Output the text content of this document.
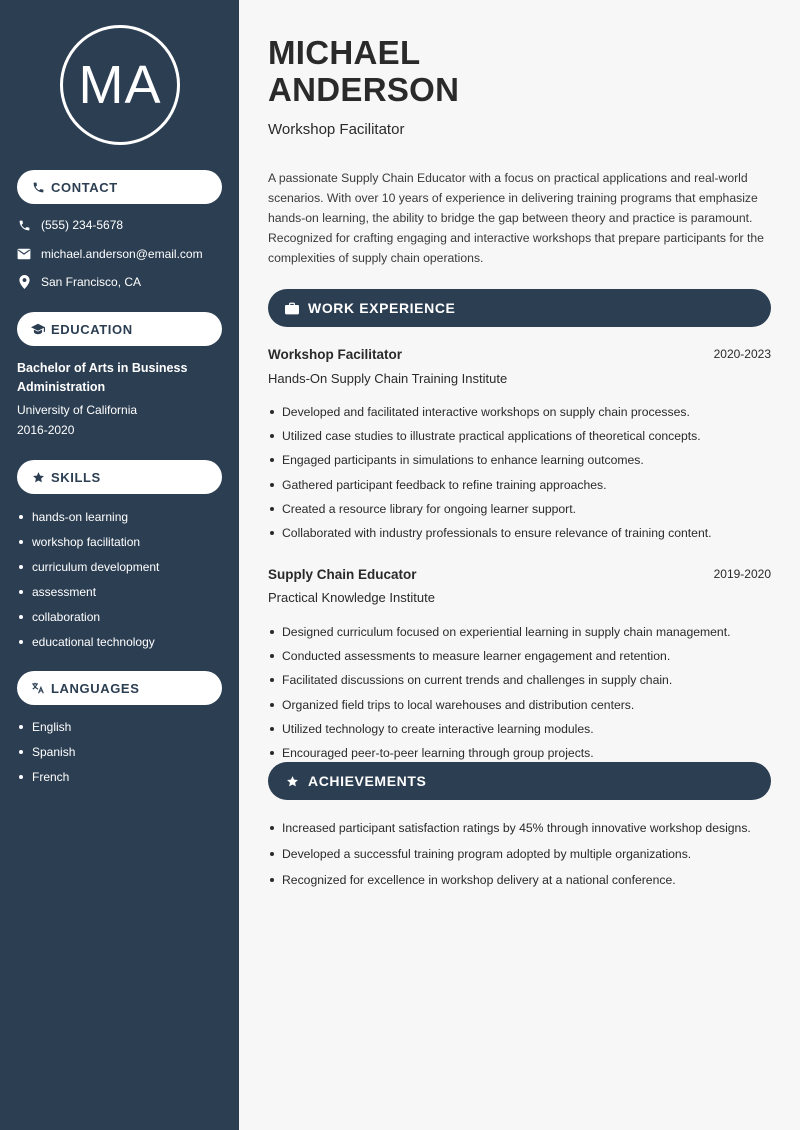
MA
CONTACT
(555) 234-5678
michael.anderson@email.com
San Francisco, CA
EDUCATION
Bachelor of Arts in Business Administration
University of California
2016-2020
SKILLS
hands-on learning
workshop facilitation
curriculum development
assessment
collaboration
educational technology
LANGUAGES
English
Spanish
French
MICHAEL
ANDERSON
Workshop Facilitator

A passionate Supply Chain Educator with a focus on practical applications and real-world scenarios. With over 10 years of experience in delivering training programs that emphasize hands-on learning, the ability to bridge the gap between theory and practice is paramount. Recognized for crafting engaging and interactive workshops that prepare participants for the complexities of supply chain operations.

WORK EXPERIENCE
Workshop Facilitator	2020-2023
Hands-On Supply Chain Training Institute
Developed and facilitated interactive workshops on supply chain processes.
Utilized case studies to illustrate practical applications of theoretical concepts.
Engaged participants in simulations to enhance learning outcomes.
Gathered participant feedback to refine training approaches.
Created a resource library for ongoing learner support.
Collaborated with industry professionals to ensure relevance of training content.
Supply Chain Educator	2019-2020
Practical Knowledge Institute
Designed curriculum focused on experiential learning in supply chain management.
Conducted assessments to measure learner engagement and retention.
Facilitated discussions on current trends and challenges in supply chain.
Organized field trips to local warehouses and distribution centers.
Utilized technology to create interactive learning modules.
Encouraged peer-to-peer learning through group projects.
ACHIEVEMENTS
Increased participant satisfaction ratings by 45% through innovative workshop designs.
Developed a successful training program adopted by multiple organizations.
Recognized for excellence in workshop delivery at a national conference.
